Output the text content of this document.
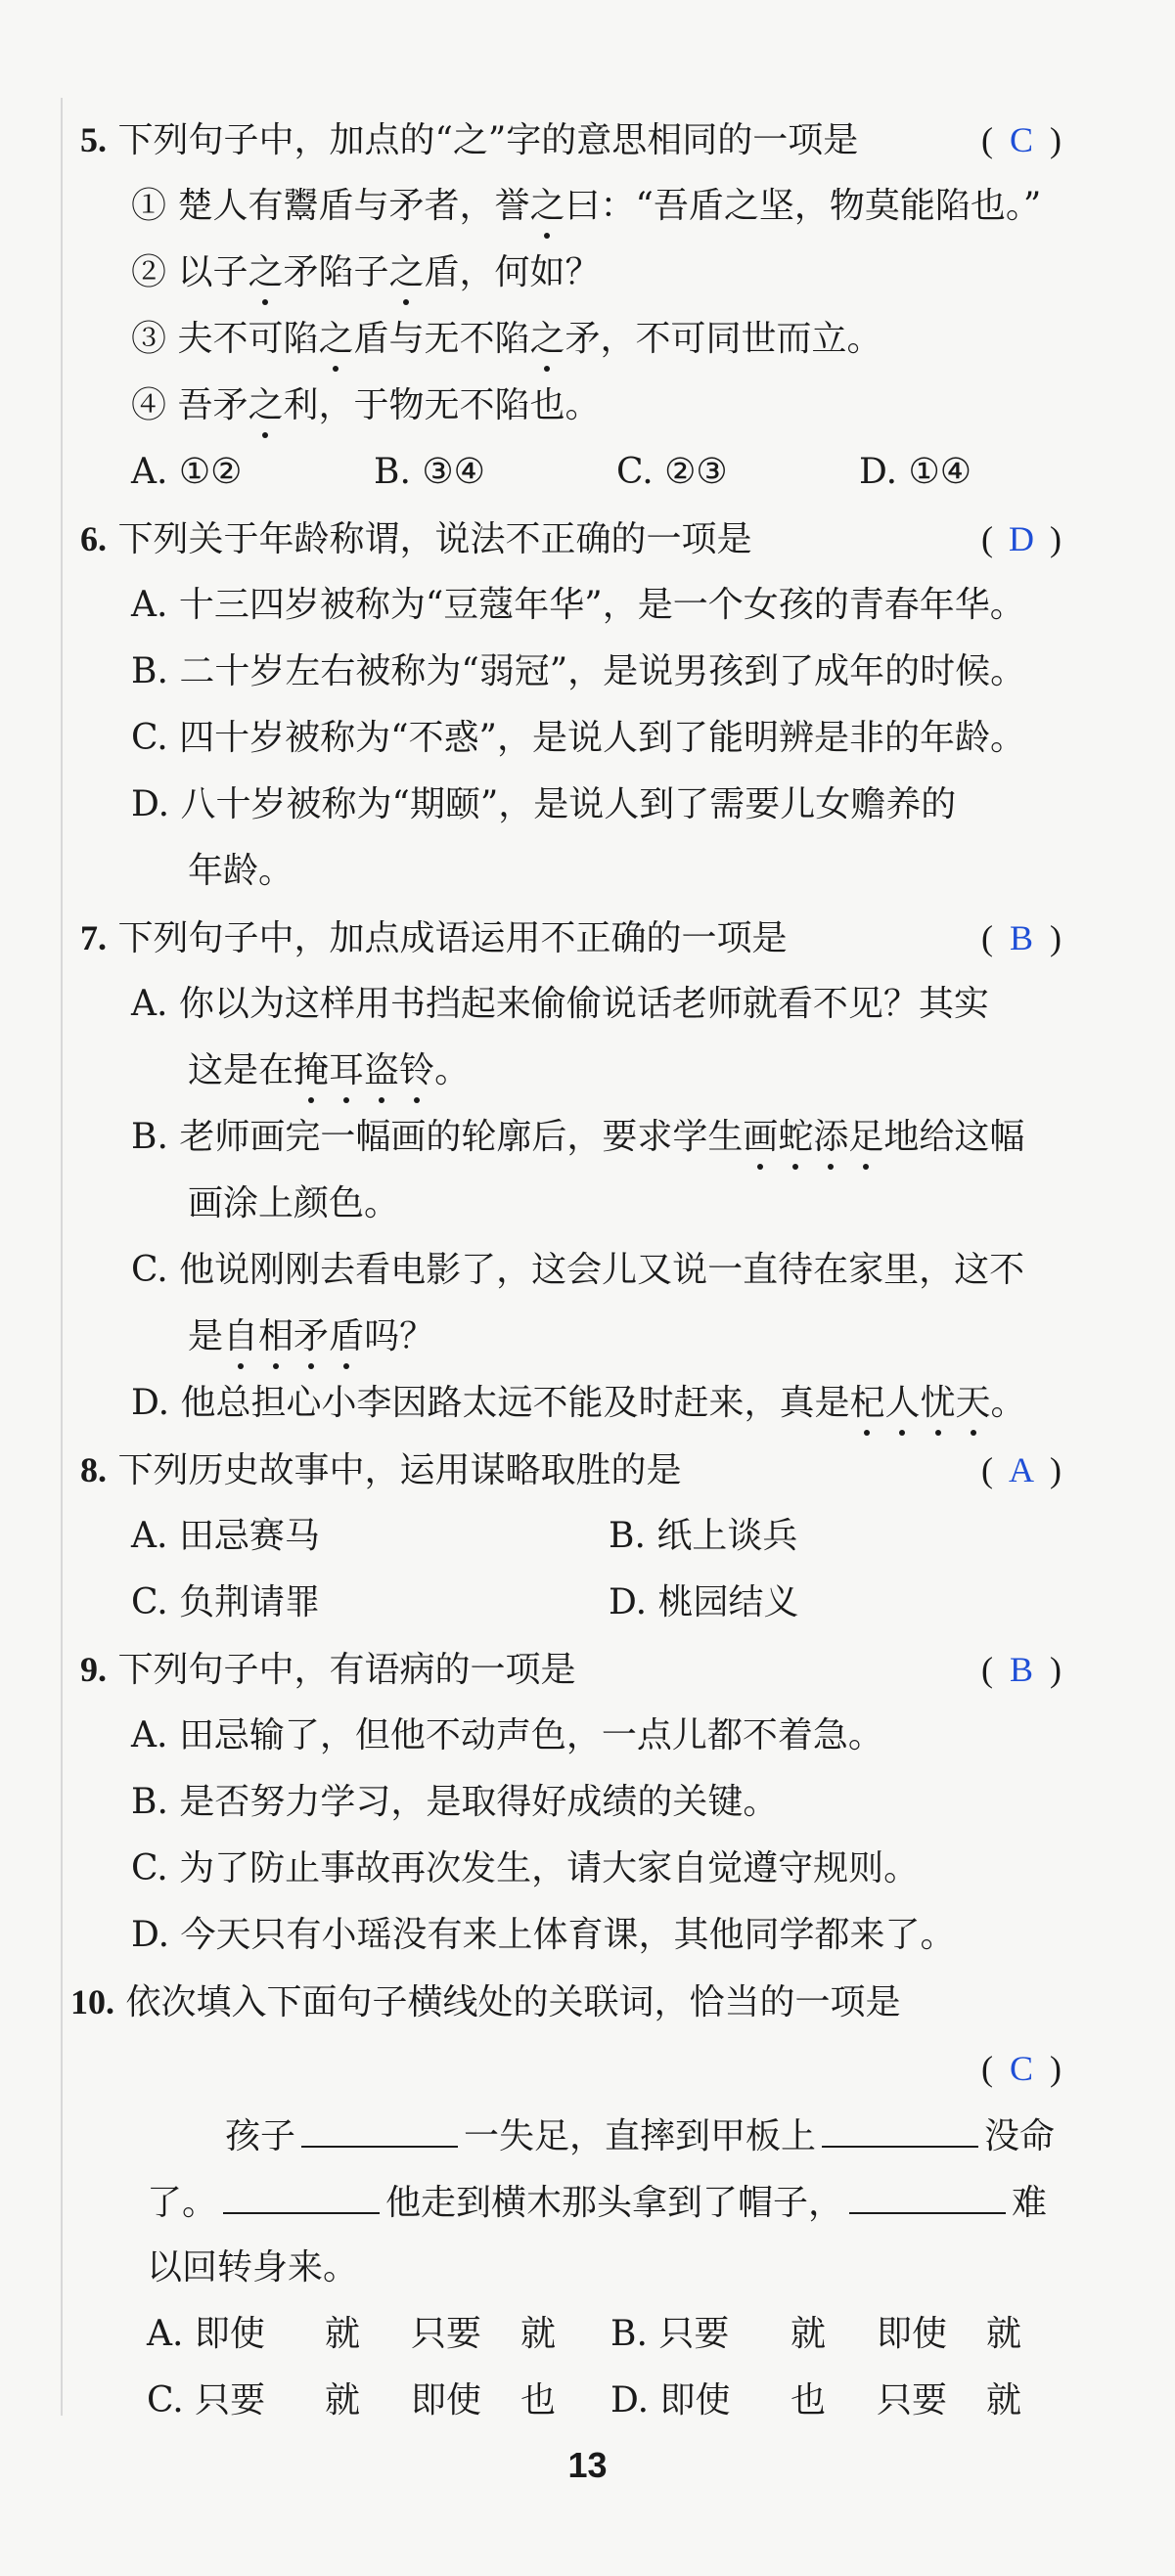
5. 下列句子中，加点的“之”字的意思相同的一项是	( C )
① 楚人有鬻盾与矛者，誉之曰：“吾盾之坚，物莫能陷也。”
② 以子之矛陷子之盾，何如？
③ 夫不可陷之盾与无不陷之矛，不可同世而立。
④ 吾矛之利，于物无不陷也。
A. ①②	B. ③④	C. ②③	D. ①④
6. 下列关于年龄称谓，说法不正确的一项是	( D )
A. 十三四岁被称为“豆蔻年华”，是一个女孩的青春年华。
B. 二十岁左右被称为“弱冠”，是说男孩到了成年的时候。
C. 四十岁被称为“不惑”，是说人到了能明辨是非的年龄。
D. 八十岁被称为“期颐”，是说人到了需要儿女赡养的
年龄。
7. 下列句子中，加点成语运用不正确的一项是	( B )
A. 你以为这样用书挡起来偷偷说话老师就看不见？其实
这是在掩耳盗铃。
B. 老师画完一幅画的轮廓后，要求学生画蛇添足地给这幅
画涂上颜色。
C. 他说刚刚去看电影了，这会儿又说一直待在家里，这不
是自相矛盾吗？
D. 他总担心小李因路太远不能及时赶来，真是杞人忧天。
8. 下列历史故事中，运用谋略取胜的是	( A )
A. 田忌赛马	B. 纸上谈兵
C. 负荆请罪	D. 桃园结义
9. 下列句子中，有语病的一项是	( B )
A. 田忌输了，但他不动声色，一点儿都不着急。
B. 是否努力学习，是取得好成绩的关键。
C. 为了防止事故再次发生，请大家自觉遵守规则。
D. 今天只有小瑶没有来上体育课，其他同学都来了。
10. 依次填入下面句子横线处的关联词，恰当的一项是
( C )
孩子	一失足，直摔到甲板上	没命
了。	他走到横木那头拿到了帽子，	难
以回转身来。
A. 即使 就 只要 就 B. 只要 就 即使 就
C. 只要 就 即使 也 D. 即使 也 只要 就
13
